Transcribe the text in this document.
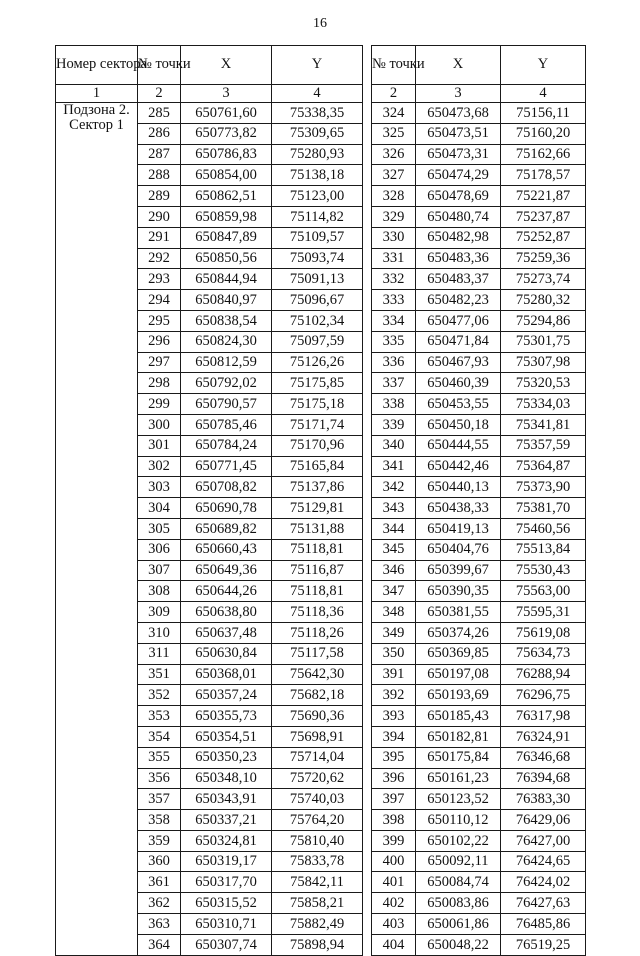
16
Номер сектора	№ точки	X	Y
1	2	3	4
Подзона 2. Сектор 1	285	650761,60	75338,35
	286	650773,82	75309,65
	287	650786,83	75280,93
	288	650854,00	75138,18
	289	650862,51	75123,00
	290	650859,98	75114,82
	291	650847,89	75109,57
	292	650850,56	75093,74
	293	650844,94	75091,13
	294	650840,97	75096,67
	295	650838,54	75102,34
	296	650824,30	75097,59
	297	650812,59	75126,26
	298	650792,02	75175,85
	299	650790,57	75175,18
	300	650785,46	75171,74
	301	650784,24	75170,96
	302	650771,45	75165,84
	303	650708,82	75137,86
	304	650690,78	75129,81
	305	650689,82	75131,88
	306	650660,43	75118,81
	307	650649,36	75116,87
	308	650644,26	75118,81
	309	650638,80	75118,36
	310	650637,48	75118,26
	311	650630,84	75117,58
	351	650368,01	75642,30
	352	650357,24	75682,18
	353	650355,73	75690,36
	354	650354,51	75698,91
	355	650350,23	75714,04
	356	650348,10	75720,62
	357	650343,91	75740,03
	358	650337,21	75764,20
	359	650324,81	75810,40
	360	650319,17	75833,78
	361	650317,70	75842,11
	362	650315,52	75858,21
	363	650310,71	75882,49
	364	650307,74	75898,94
№ точки	X	Y
2	3	4
324	650473,68	75156,11
325	650473,51	75160,20
326	650473,31	75162,66
327	650474,29	75178,57
328	650478,69	75221,87
329	650480,74	75237,87
330	650482,98	75252,87
331	650483,36	75259,36
332	650483,37	75273,74
333	650482,23	75280,32
334	650477,06	75294,86
335	650471,84	75301,75
336	650467,93	75307,98
337	650460,39	75320,53
338	650453,55	75334,03
339	650450,18	75341,81
340	650444,55	75357,59
341	650442,46	75364,87
342	650440,13	75373,90
343	650438,33	75381,70
344	650419,13	75460,56
345	650404,76	75513,84
346	650399,67	75530,43
347	650390,35	75563,00
348	650381,55	75595,31
349	650374,26	75619,08
350	650369,85	75634,73
391	650197,08	76288,94
392	650193,69	76296,75
393	650185,43	76317,98
394	650182,81	76324,91
395	650175,84	76346,68
396	650161,23	76394,68
397	650123,52	76383,30
398	650110,12	76429,06
399	650102,22	76427,00
400	650092,11	76424,65
401	650084,74	76424,02
402	650083,86	76427,63
403	650061,86	76485,86
404	650048,22	76519,25
